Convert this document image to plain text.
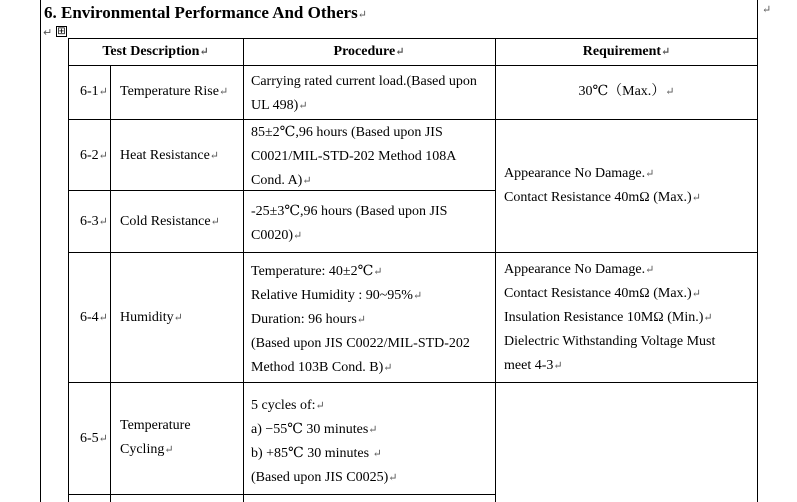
↵
6. Environmental Performance And Others↵
↵ ⊞
Test Description↵	Procedure↵	Requirement↵
6-1↵ Temperature Rise↵
Carrying rated current load.(Based upon
UL 498)↵
30℃（Max.）↵
6-2↵ Heat Resistance↵
85±2℃,96 hours (Based upon JIS
C0021/MIL-STD-202 Method 108A
Cond. A)↵
6-3↵ Cold Resistance↵
-25±3℃,96 hours (Based upon JIS
C0020)↵
Appearance No Damage.↵
Contact Resistance 40mΩ (Max.)↵
6-4↵ Humidity↵
Temperature: 40±2℃↵
Relative Humidity : 90~95%↵
Duration: 96 hours↵
(Based upon JIS C0022/MIL-STD-202
Method 103B Cond. B)↵
Appearance No Damage.↵
Contact Resistance 40mΩ (Max.)↵
Insulation Resistance 10MΩ (Min.)↵
Dielectric Withstanding Voltage Must
meet 4-3↵
6-5↵
Temperature
Cycling↵
5 cycles of:↵
a) −55℃ 30 minutes↵
b) +85℃ 30 minutes ↵
(Based upon JIS C0025)↵
